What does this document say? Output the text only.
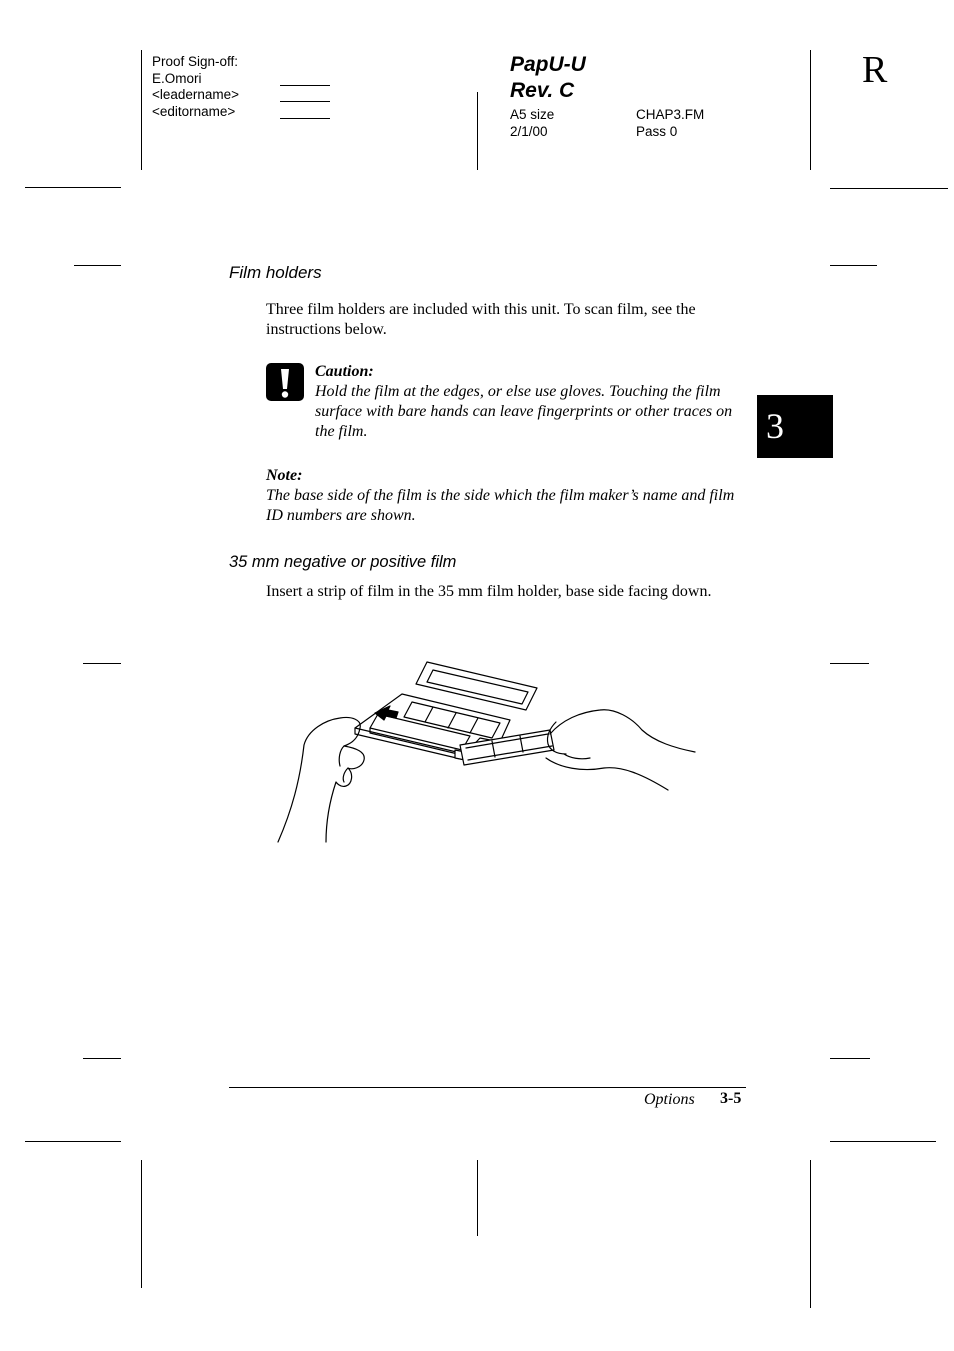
Proof Sign-off:
E.Omori
<leadername>
<editorname>
PapU-U
Rev. C
A5 size
2/1/00
CHAP3.FM
Pass 0
R
3
Film holders
Three film holders are included with this unit. To scan film, see the instructions below.
Caution:
Hold the film at the edges, or else use gloves. Touching the film surface with bare hands can leave fingerprints or other traces on the film.
Note:
The base side of the film is the side which the film maker’s name and film ID numbers are shown.
35 mm negative or positive film
Insert a strip of film in the 35 mm film holder, base side facing down.
Options 3-5
